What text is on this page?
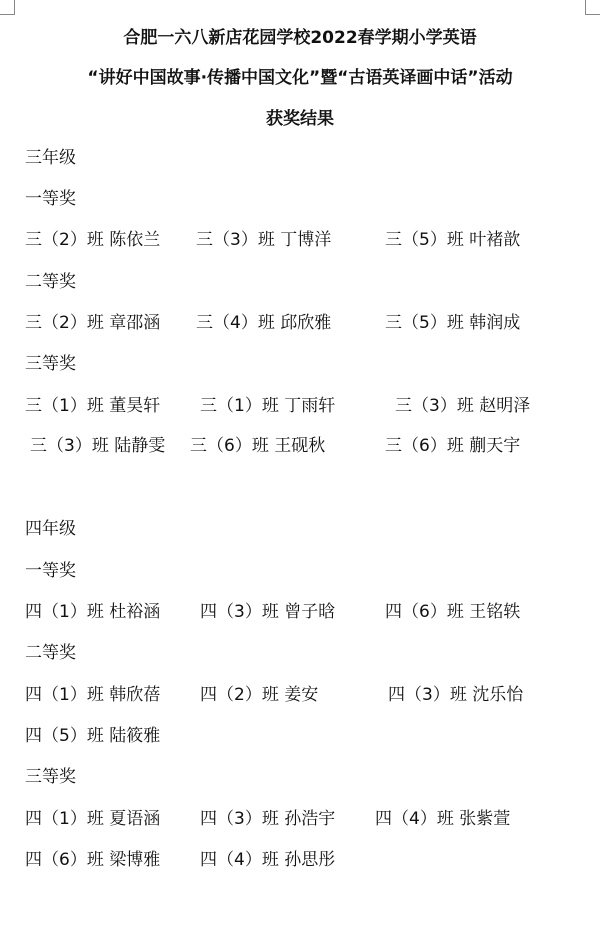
合肥一六八新店花园学校2022春学期小学英语
“讲好中国故事·传播中国文化”暨“古语英译画中话”活动
获奖结果
三年级
一等奖
三（2）班 陈依兰 三（3）班 丁博洋	三（5）班 叶褚歆
二等奖
三（2）班 章邵涵 三（4）班 邱欣雅	三（5）班 韩润成
三等奖
三（1）班 董昊轩 三（1）班 丁雨轩	三（3）班 赵明泽
三（3）班 陆静雯 三（6）班 王砚秋	三（6）班 蒯天宇
四年级
一等奖
四（1）班 杜裕涵 四（3）班 曾子晗	四（6）班 王铭轶
二等奖
四（1）班 韩欣蓓 四（2）班 姜安	四（3）班 沈乐怡
四（5）班 陆筱雅
三等奖
四（1）班 夏语涵 四（3）班 孙浩宇 四（4）班 张紫萱
四（6）班 梁博雅 四（4）班 孙思彤
